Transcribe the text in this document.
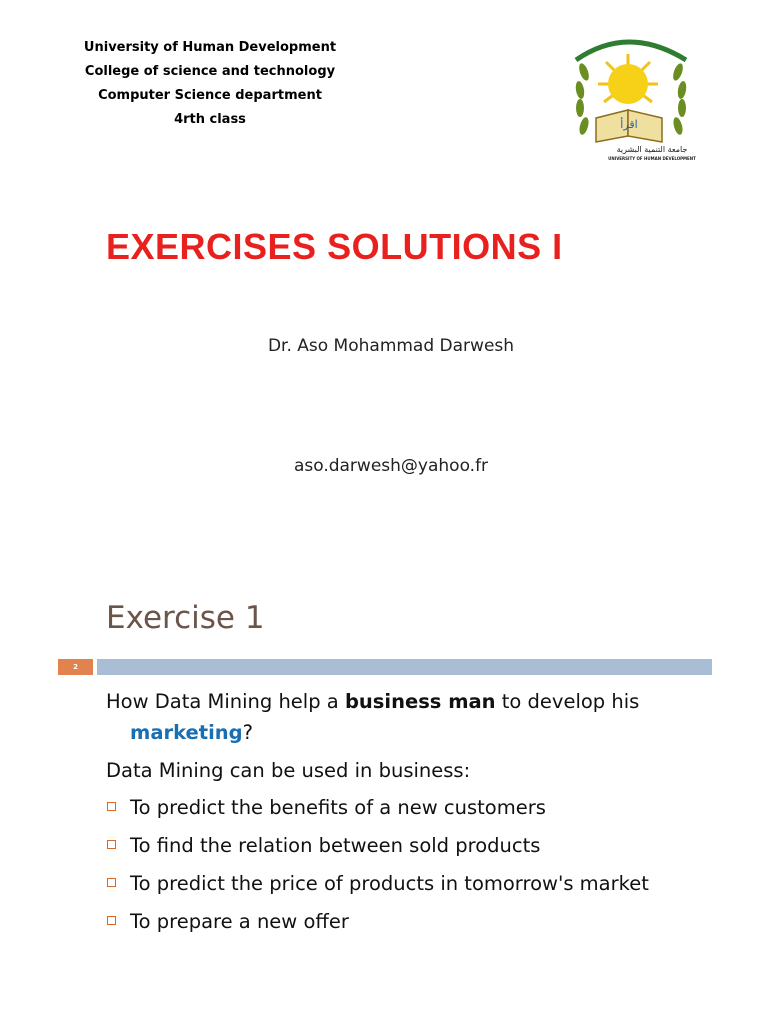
University of Human Development
College of science and technology
Computer Science department
4rth class	اقرأ
جامعة التنمية البشرية
UNIVERSITY OF HUMAN DEVELOPMENT
EXERCISES SOLUTIONS I
Dr. Aso Mohammad Darwesh
aso.darwesh@yahoo.fr
Exercise 1
2
How Data Mining help a business man to develop his
marketing?
Data Mining can be used in business:
To predict the benefits of a new customers
To find the relation between sold products
To predict the price of products in tomorrow's market
To prepare a new offer
